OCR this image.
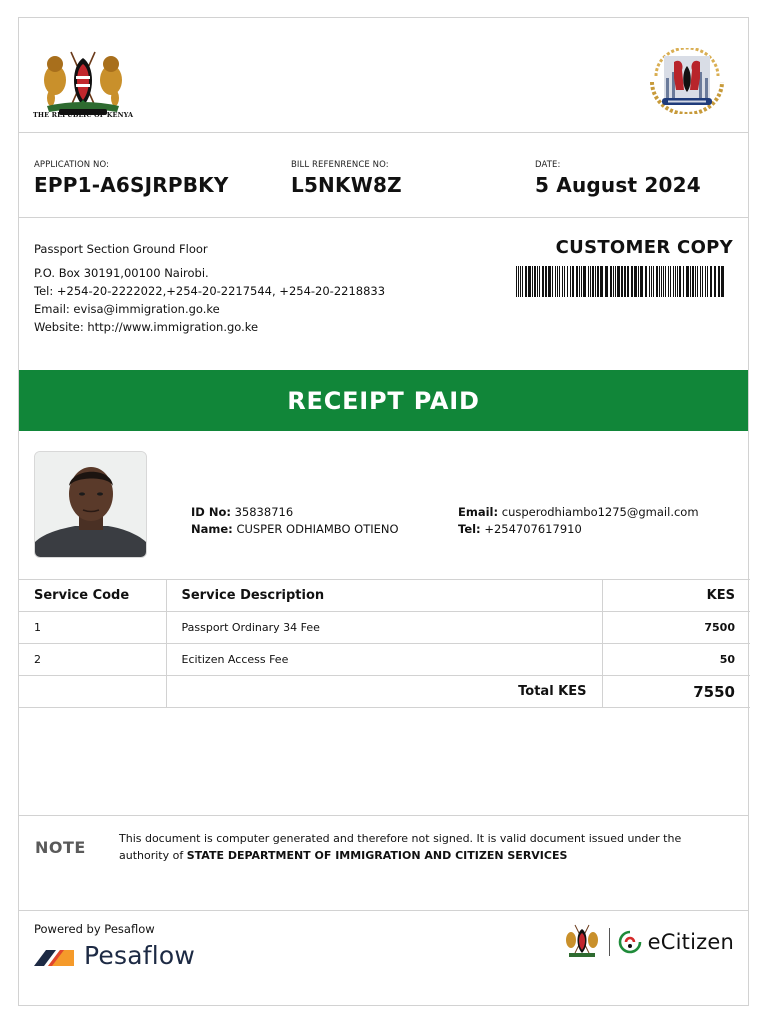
THE REPUBLIC OF KENYA
APPLICATION NO:
EPP1-A6SJRPBKY
BILL REFENRENCE NO:
L5NKW8Z
DATE:
5 August 2024
Passport Section Ground Floor
P.O. Box 30191,00100 Nairobi.
Tel: +254-20-2222022,+254-20-2217544, +254-20-2218833
Email: evisa@immigration.go.ke
Website: http://www.immigration.go.ke
CUSTOMER COPY
RECEIPT PAID
ID No: 35838716
Name: CUSPER ODHIAMBO OTIENO
Email: cusperodhiambo1275@gmail.com
Tel: +254707617910
Service Code	Service Description	KES
1	Passport Ordinary 34 Fee	7500
2	Ecitizen Access Fee	50
	Total KES	7550
NOTE	This document is computer generated and therefore not signed. It is valid document issued under the authority of STATE DEPARTMENT OF IMMIGRATION AND CITIZEN SERVICES
Powered by Pesaflow
Pesaflow	eCitizen
